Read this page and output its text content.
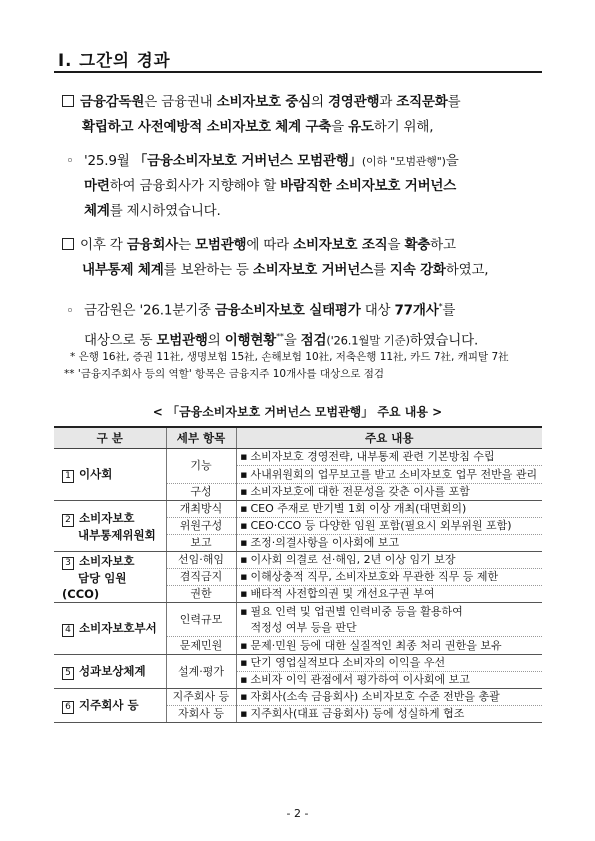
Ⅰ. 그간의 경과
금융감독원은 금융권내 소비자보호 중심의 경영관행과 조직문화를
확립하고 사전예방적 소비자보호 체계 구축을 유도하기 위해,
◦ '25.9월 「금융소비자보호 거버넌스 모범관행」(이하 "모범관행")을
마련하여 금융회사가 지향해야 할 바람직한 소비자보호 거버넌스
체계를 제시하였습니다.
이후 각 금융회사는 모범관행에 따라 소비자보호 조직을 확충하고
내부통제 체계를 보완하는 등 소비자보호 거버넌스를 지속 강화하였고,
◦ 금감원은 '26.1분기중 금융소비자보호 실태평가 대상 77개사*를
대상으로 동 모범관행의 이행현황**을 점검('26.1월말 기준)하였습니다.
* 은행 16社, 증권 11社, 생명보험 15社, 손해보험 10社, 저축은행 11社, 카드 7社, 캐피탈 7社
** '금융지주회사 등의 역할' 항목은 금융지주 10개사를 대상으로 점검
< 「금융소비자보호 거버넌스 모범관행」 주요 내용 >
구 분	세부 항목	주요 내용
1 이사회	기능	■ 소비자보호 경영전략, 내부통제 관련 기본방침 수립
		■ 사내위원회의 업무보고를 받고 소비자보호 업무 전반을 관리
	구성	■ 소비자보호에 대한 전문성을 갖춘 이사를 포함
2 소비자보호
내부통제위원회	개최방식	■ CEO 주재로 반기별 1회 이상 개최(대면회의)
	위원구성	■ CEO·CCO 등 다양한 임원 포함(필요시 외부위원 포함)
	보고	■ 조정·의결사항을 이사회에 보고
3 소비자보호
담당 임원(CCO)	선임·해임	■ 이사회 의결로 선·해임, 2년 이상 임기 보장
	겸직금지	■ 이해상충적 직무, 소비자보호와 무관한 직무 등 제한
	권한	■ 배타적 사전합의권 및 개선요구권 부여
4 소비자보호부서	인력규모	■ 필요 인력 및 업권별 인력비중 등을 활용하여
적정성 여부 등을 판단
	문제민원	■ 문제·민원 등에 대한 실질적인 최종 처리 권한을 보유
5 성과보상체계	설계·평가	■ 단기 영업실적보다 소비자의 이익을 우선
		■ 소비자 이익 관점에서 평가하여 이사회에 보고
6 지주회사 등	지주회사 등	■ 자회사(소속 금융회사) 소비자보호 수준 전반을 총괄
	자회사 등	■ 지주회사(대표 금융회사) 등에 성실하게 협조
- 2 -
